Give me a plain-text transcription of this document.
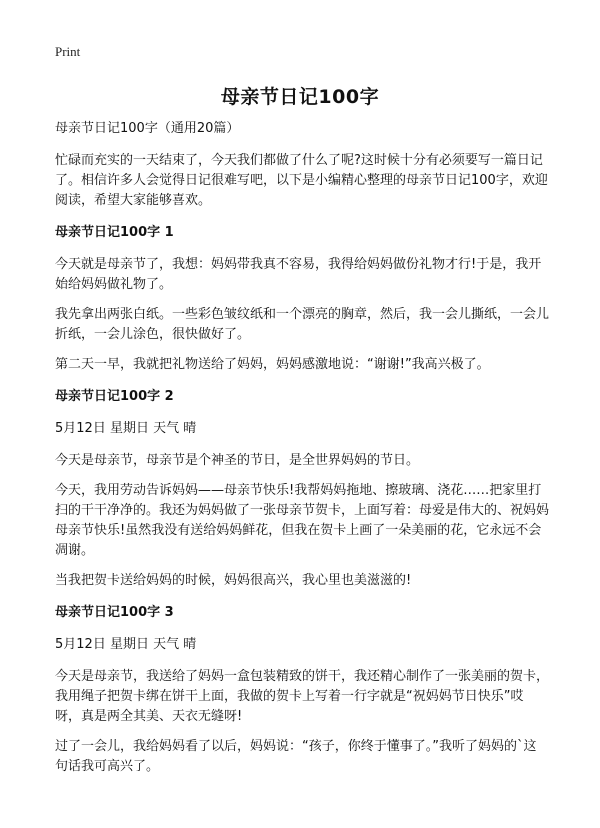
Print
母亲节日记100字

母亲节日记100字（通用20篇）

忙碌而充实的一天结束了，今天我们都做了什么了呢?这时候十分有必须要写一篇日记了。相信许多人会觉得日记很难写吧，以下是小编精心整理的母亲节日记100字，欢迎阅读，希望大家能够喜欢。

母亲节日记100字 1

今天就是母亲节了，我想：妈妈带我真不容易，我得给妈妈做份礼物才行!于是，我开始给妈妈做礼物了。

我先拿出两张白纸。一些彩色皱纹纸和一个漂亮的胸章，然后，我一会儿撕纸，一会儿折纸，一会儿涂色，很快做好了。

第二天一早，我就把礼物送给了妈妈，妈妈感激地说：“谢谢!”我高兴极了。

母亲节日记100字 2

5月12日 星期日 天气 晴

今天是母亲节，母亲节是个神圣的节日，是全世界妈妈的节日。

今天，我用劳动告诉妈妈——母亲节快乐!我帮妈妈拖地、擦玻璃、浇花……把家里打扫的干干净净的。我还为妈妈做了一张母亲节贺卡，上面写着：母爱是伟大的、祝妈妈母亲节快乐!虽然我没有送给妈妈鲜花，但我在贺卡上画了一朵美丽的花，它永远不会凋谢。

当我把贺卡送给妈妈的时候，妈妈很高兴，我心里也美滋滋的!

母亲节日记100字 3

5月12日 星期日 天气 晴

今天是母亲节，我送给了妈妈一盒包装精致的饼干，我还精心制作了一张美丽的贺卡，我用绳子把贺卡绑在饼干上面，我做的贺卡上写着一行字就是“祝妈妈节日快乐”哎呀，真是两全其美、天衣无缝呀!

过了一会儿，我给妈妈看了以后，妈妈说：“孩子，你终于懂事了。”我听了妈妈的`这句话我可高兴了。
